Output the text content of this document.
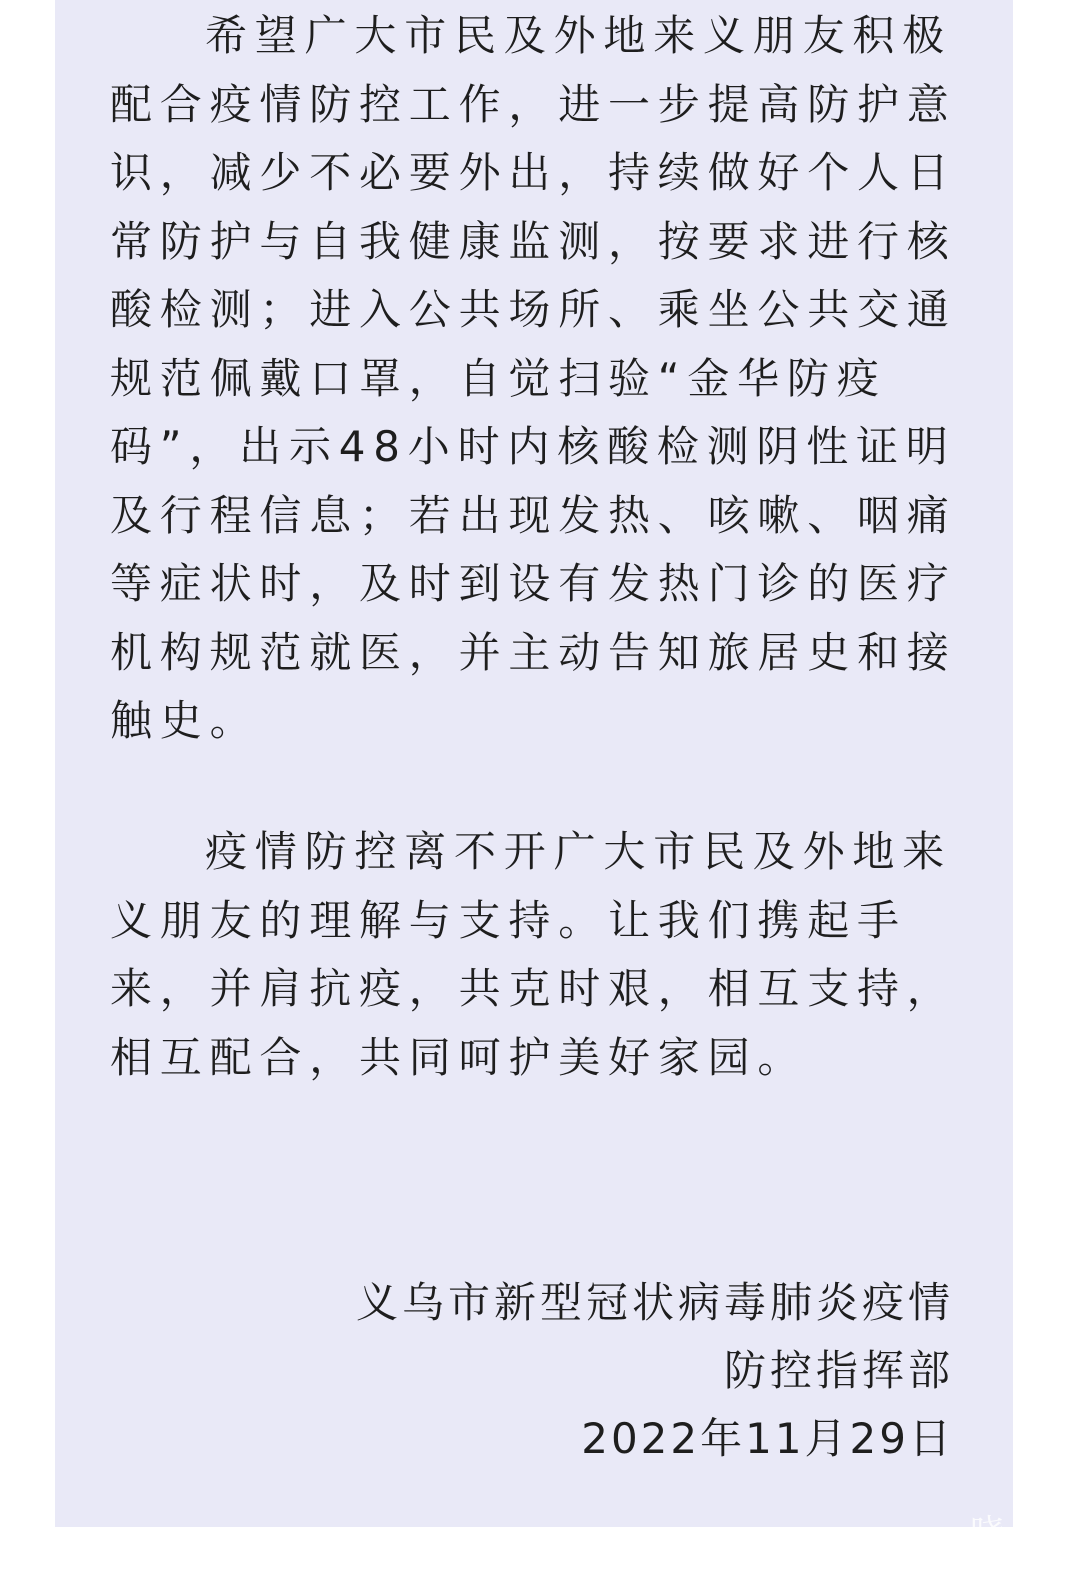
希望广大市民及外地来义朋友积极
配合疫情防控工作，进一步提高防护意
识，减少不必要外出，持续做好个人日
常防护与自我健康监测，按要求进行核
酸检测；进入公共场所、乘坐公共交通
规范佩戴口罩，自觉扫验“金华防疫
码”，出示48小时内核酸检测阴性证明
及行程信息；若出现发热、咳嗽、咽痛
等症状时，及时到设有发热门诊的医疗
机构规范就医，并主动告知旅居史和接
触史。
疫情防控离不开广大市民及外地来
义朋友的理解与支持。让我们携起手
来，并肩抗疫，共克时艰，相互支持，
相互配合，共同呵护美好家园。
义乌市新型冠状病毒肺炎疫情
防控指挥部
2022年11月29日
晓友
